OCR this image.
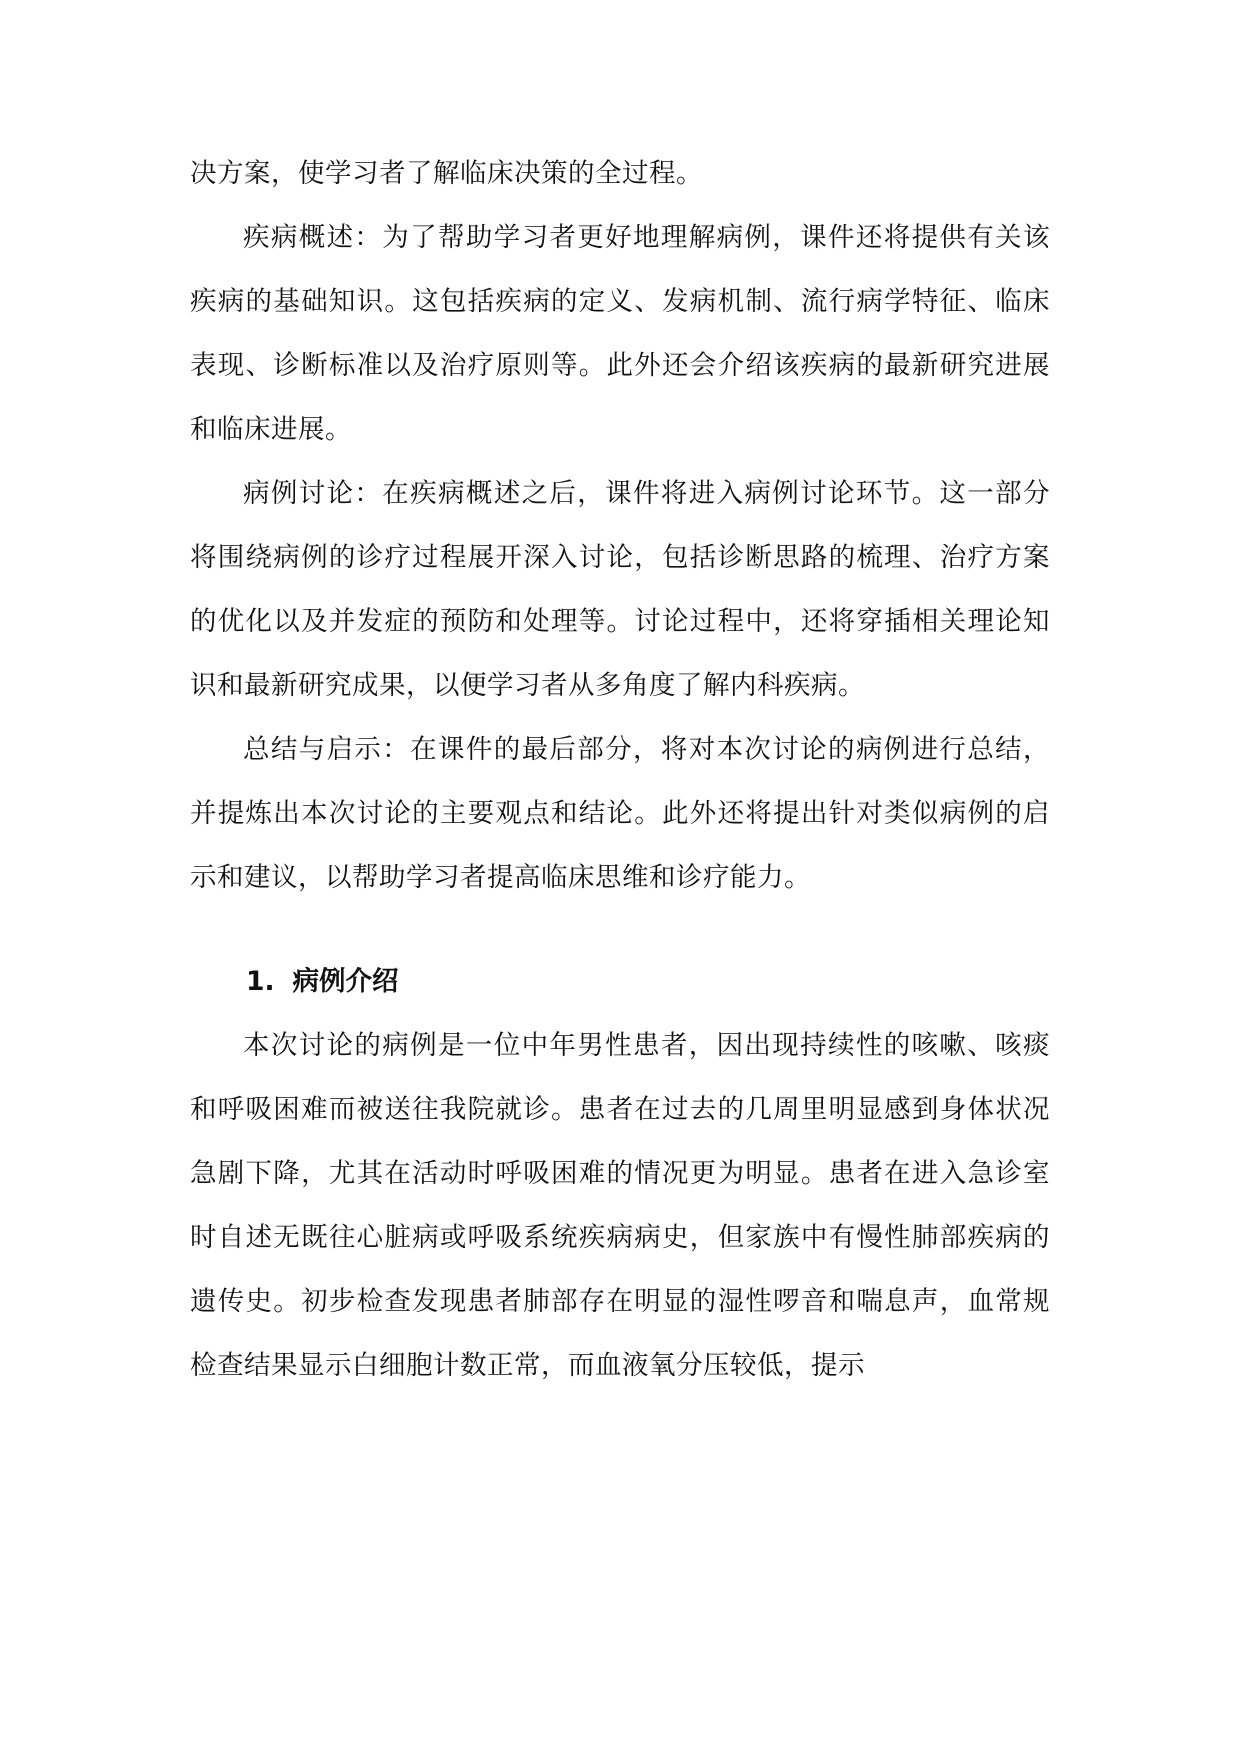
决方案，使学习者了解临床决策的全过程。

疾病概述：为了帮助学习者更好地理解病例，课件还将提供有关该疾病的基础知识。这包括疾病的定义、发病机制、流行病学特征、临床表现、诊断标准以及治疗原则等。此外还会介绍该疾病的最新研究进展和临床进展。

病例讨论：在疾病概述之后，课件将进入病例讨论环节。这一部分将围绕病例的诊疗过程展开深入讨论，包括诊断思路的梳理、治疗方案的优化以及并发症的预防和处理等。讨论过程中，还将穿插相关理论知识和最新研究成果，以便学习者从多角度了解内科疾病。

总结与启示：在课件的最后部分，将对本次讨论的病例进行总结，并提炼出本次讨论的主要观点和结论。此外还将提出针对类似病例的启示和建议，以帮助学习者提高临床思维和诊疗能力。

1. 病例介绍

本次讨论的病例是一位中年男性患者，因出现持续性的咳嗽、咳痰和呼吸困难而被送往我院就诊。患者在过去的几周里明显感到身体状况急剧下降，尤其在活动时呼吸困难的情况更为明显。患者在进入急诊室时自述无既往心脏病或呼吸系统疾病病史，但家族中有慢性肺部疾病的遗传史。初步检查发现患者肺部存在明显的湿性啰音和喘息声，血常规检查结果显示白细胞计数正常，而血液氧分压较低，提示
